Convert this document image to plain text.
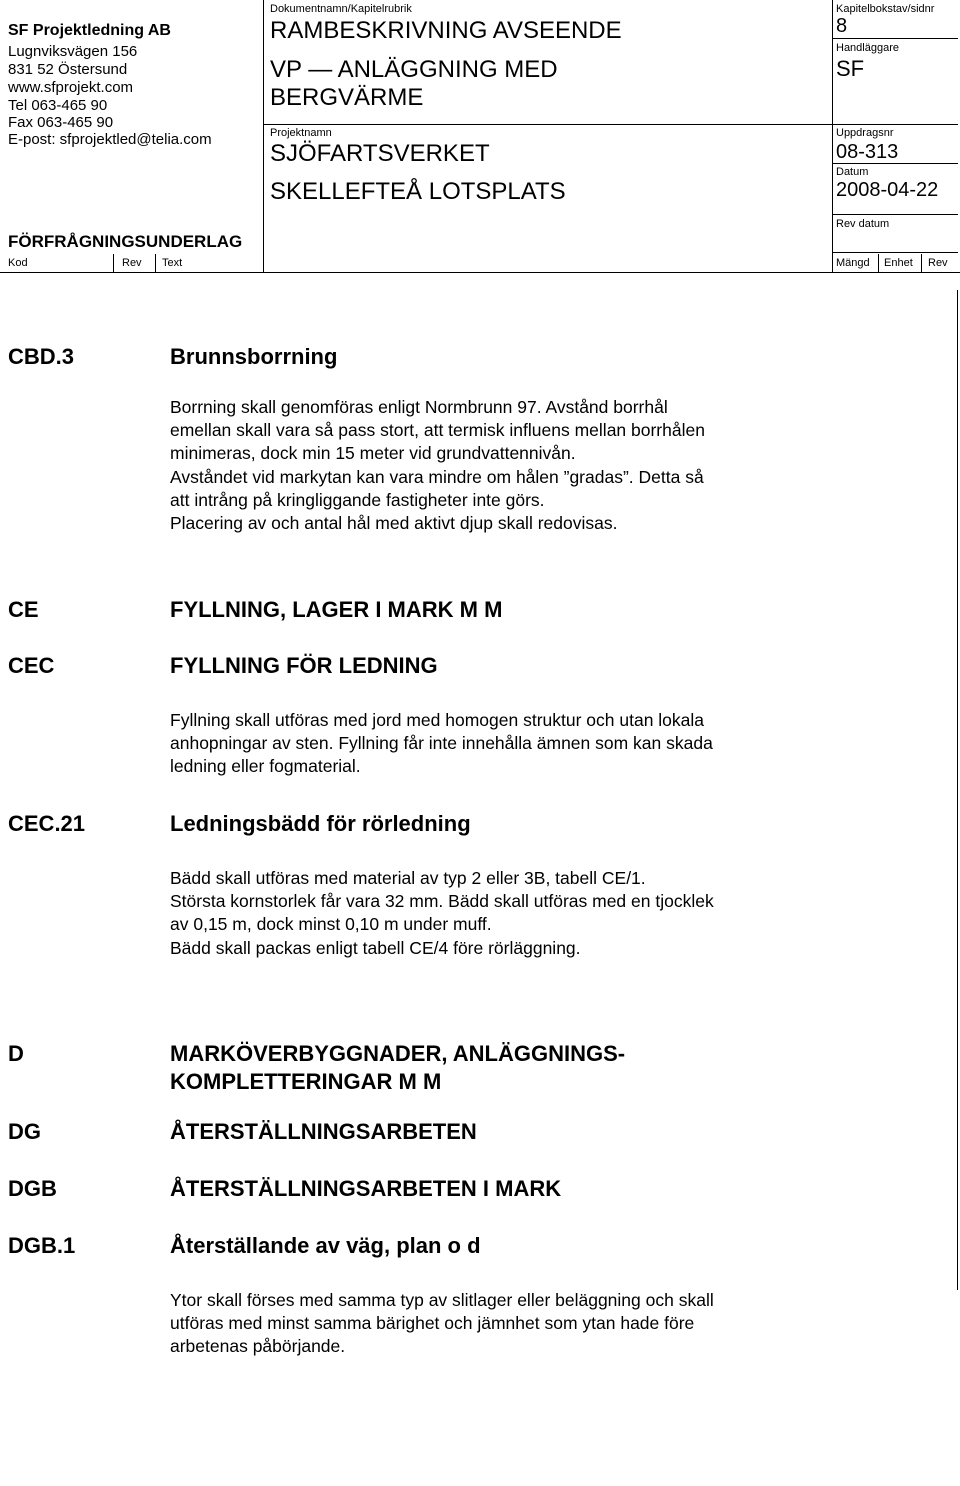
SF Projektledning AB
Lugnviksvägen 156
831 52 Östersund
www.sfprojekt.com
Tel 063-465 90
Fax 063-465 90
E-post: sfprojektled@telia.com
FÖRFRÅGNINGSUNDERLAG
Kod	Rev Text	Mängd Enhet Rev
Dokumentnamn/Kapitelrubrik
RAMBESKRIVNING AVSEENDE
VP — ANLÄGGNING MED
BERGVÄRME
Projektnamn
SJÖFARTSVERKET
SKELLEFTEÅ LOTSPLATS
Kapitelbokstav/sidnr
8
Handläggare
SF
Uppdragsnr
08-313
Datum
2008-04-22
Rev datum
CBD.3	Brunnsborrning
Borrning skall genomföras enligt Normbrunn 97. Avstånd borrhål
emellan skall vara så pass stort, att termisk influens mellan borrhålen
minimeras, dock min 15 meter vid grundvattennivån.
Avståndet vid markytan kan vara mindre om hålen ”gradas”. Detta så
att intrång på kringliggande fastigheter inte görs.
Placering av och antal hål med aktivt djup skall redovisas.
CE	FYLLNING, LAGER I MARK M M
CEC	FYLLNING FÖR LEDNING
Fyllning skall utföras med jord med homogen struktur och utan lokala
anhopningar av sten. Fyllning får inte innehålla ämnen som kan skada
ledning eller fogmaterial.
CEC.21	Ledningsbädd för rörledning
Bädd skall utföras med material av typ 2 eller 3B, tabell CE/1.
Största kornstorlek får vara 32 mm. Bädd skall utföras med en tjocklek
av 0,15 m, dock minst 0,10 m under muff.
Bädd skall packas enligt tabell CE/4 före rörläggning.
D	MARKÖVERBYGGNADER, ANLÄGGNINGS-
KOMPLETTERINGAR M M
DG	ÅTERSTÄLLNINGSARBETEN
DGB	ÅTERSTÄLLNINGSARBETEN I MARK
DGB.1	Återställande av väg, plan o d
Ytor skall förses med samma typ av slitlager eller beläggning och skall
utföras med minst samma bärighet och jämnhet som ytan hade före
arbetenas påbörjande.
